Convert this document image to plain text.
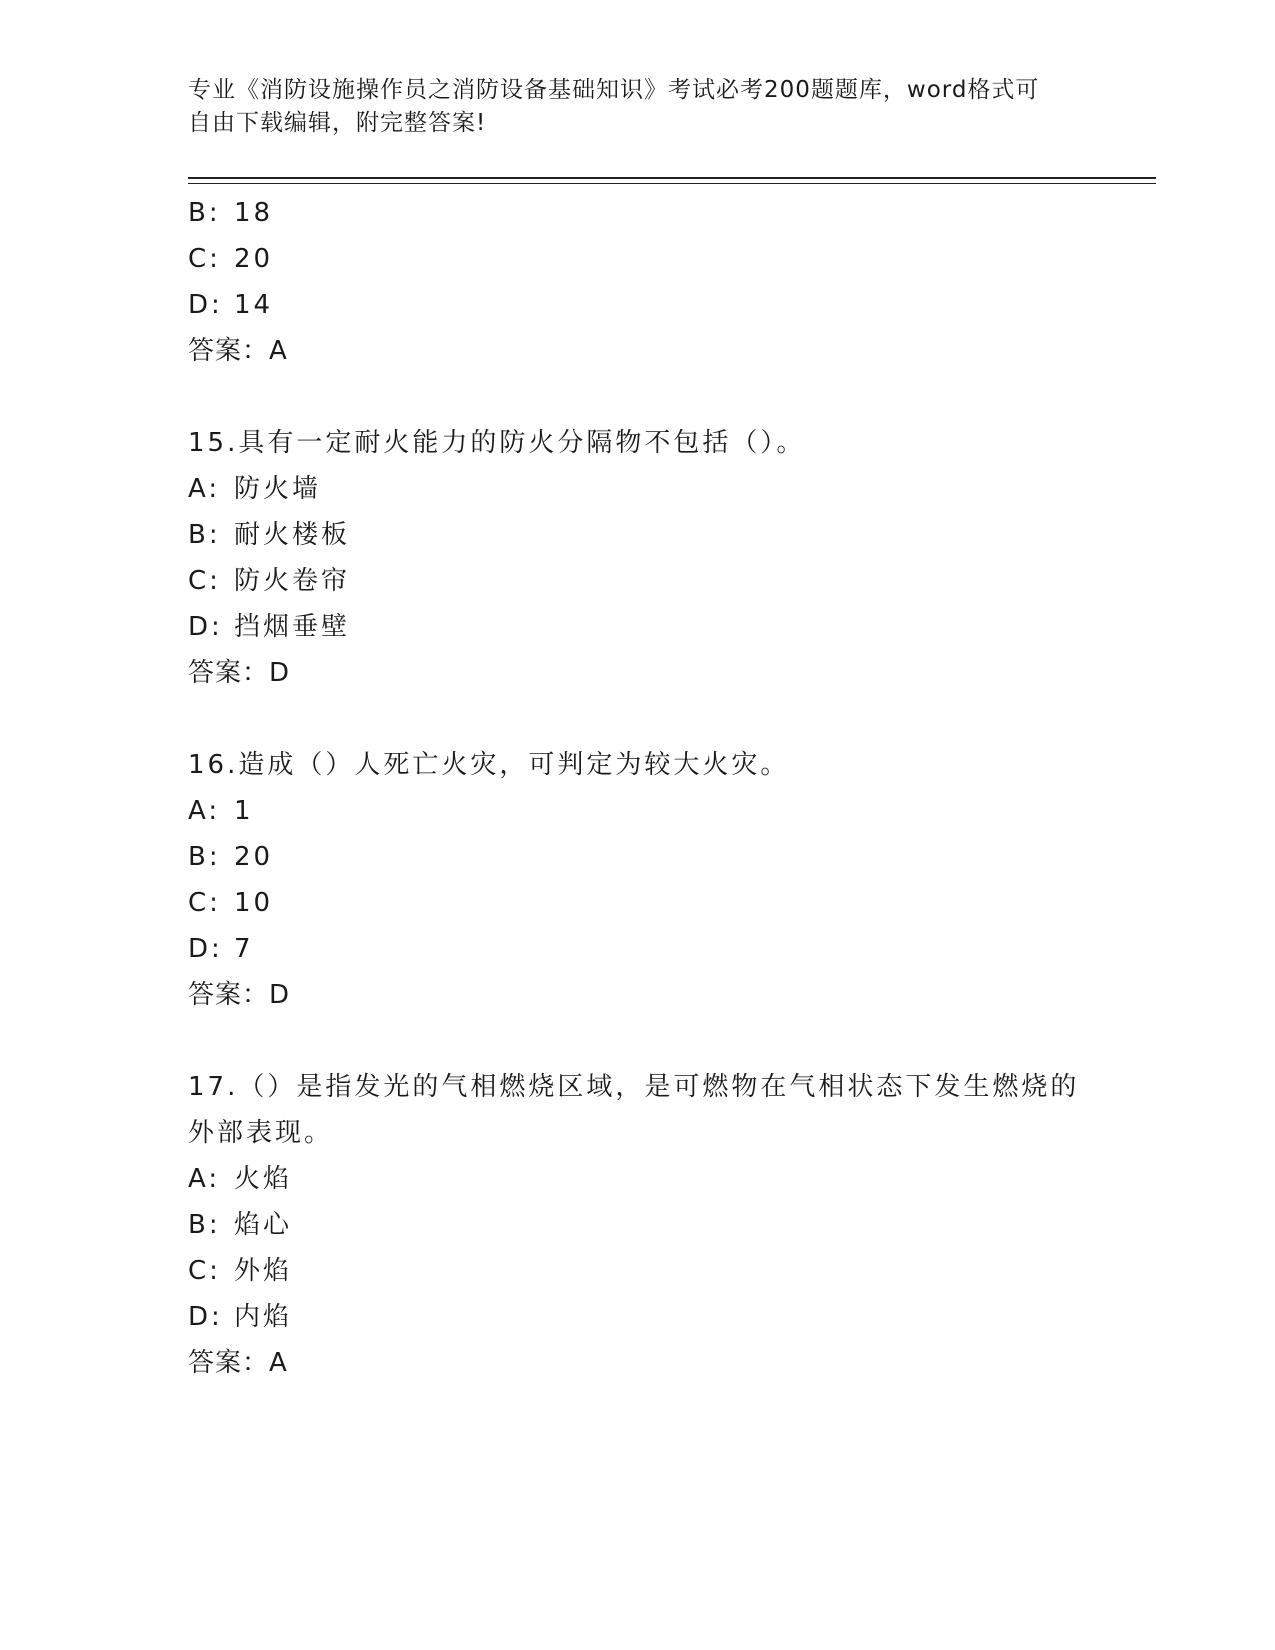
专业《消防设施操作员之消防设备基础知识》考试必考200题题库，word格式可
自由下载编辑，附完整答案!
B: 18
C: 20
D: 14
答案：A
15.具有一定耐火能力的防火分隔物不包括（）。
A: 防火墙
B: 耐火楼板
C: 防火卷帘
D: 挡烟垂壁
答案：D
16.造成（）人死亡火灾，可判定为较大火灾。
A: 1
B: 20
C: 10
D: 7
答案：D
17.（）是指发光的气相燃烧区域，是可燃物在气相状态下发生燃烧的
外部表现。
A: 火焰
B: 焰心
C: 外焰
D: 内焰
答案：A
